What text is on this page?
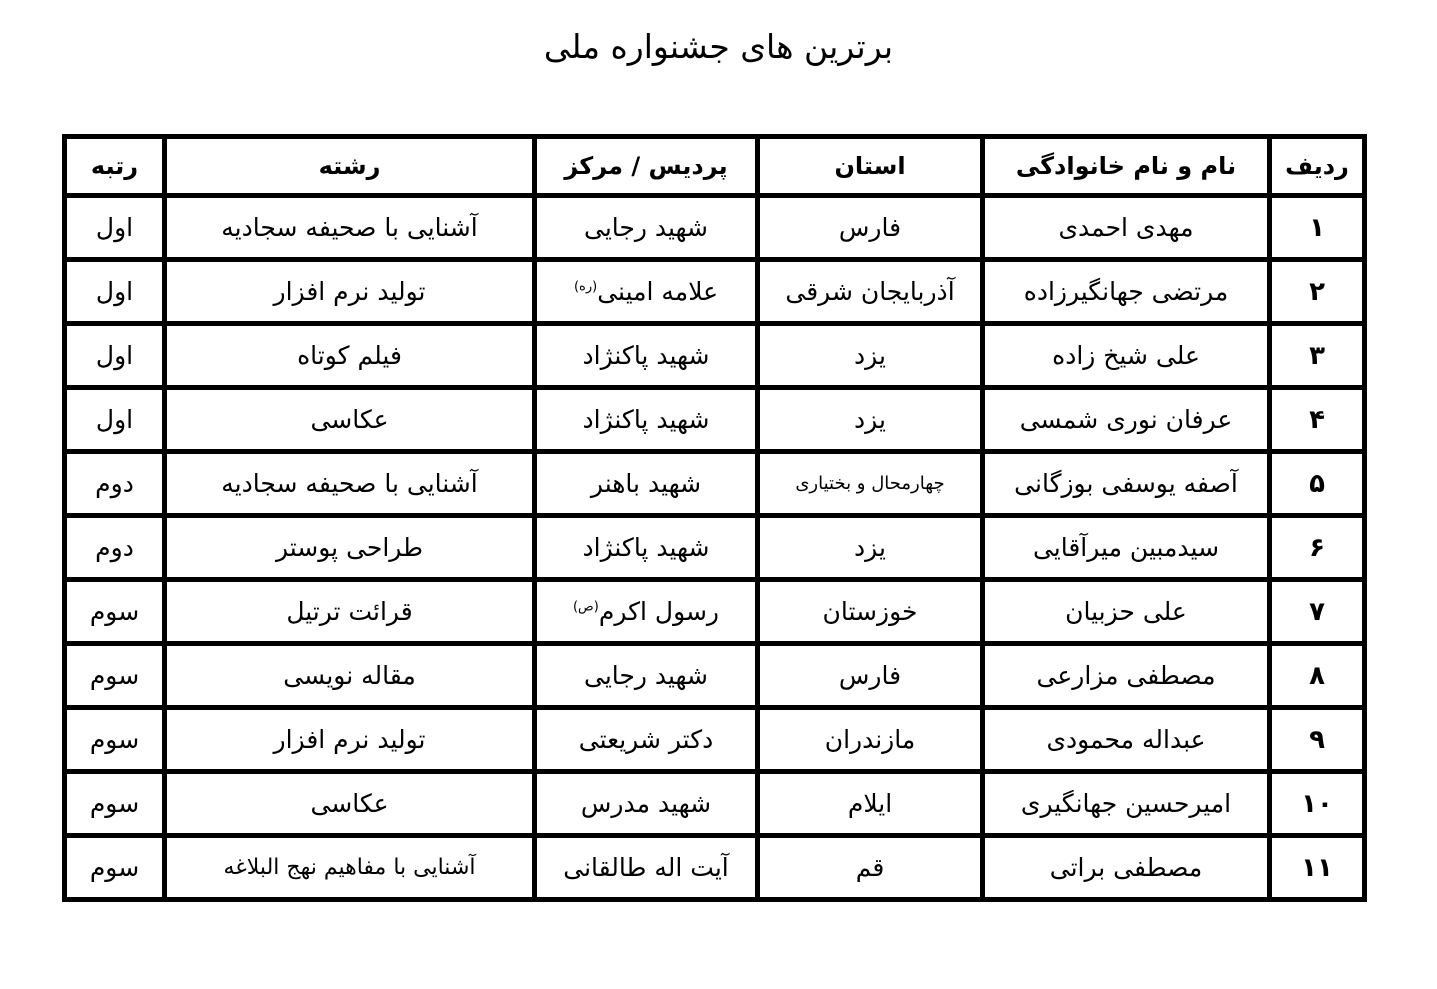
برترین های جشنواره ملی
ردیف	نام و نام خانوادگی	استان	پردیس / مرکز	رشته	رتبه
۱	مهدی احمدی	فارس	شهید رجایی	آشنایی با صحیفه سجادیه	اول
۲	مرتضی جهانگیرزاده	آذربایجان شرقی	علامه امینی$^{(ره)}$	تولید نرم افزار	اول
۳	علی شیخ زاده	یزد	شهید پاکنژاد	فیلم کوتاه	اول
۴	عرفان نوری شمسی	یزد	شهید پاکنژاد	عکاسی	اول
۵	آصفه یوسفی بوزگانی	چهارمحال و بختیاری	شهید باهنر	آشنایی با صحیفه سجادیه	دوم
۶	سیدمبین میرآقایی	یزد	شهید پاکنژاد	طراحی پوستر	دوم
۷	علی حزبیان	خوزستان	رسول اکرم$^{(ص)}$	قرائت ترتیل	سوم
۸	مصطفی مزارعی	فارس	شهید رجایی	مقاله نویسی	سوم
۹	عبداله محمودی	مازندران	دکتر شریعتی	تولید نرم افزار	سوم
۱۰	امیرحسین جهانگیری	ایلام	شهید مدرس	عکاسی	سوم
۱۱	مصطفی براتی	قم	آیت اله طالقانی	آشنایی با مفاهیم نهج البلاغه	سوم
